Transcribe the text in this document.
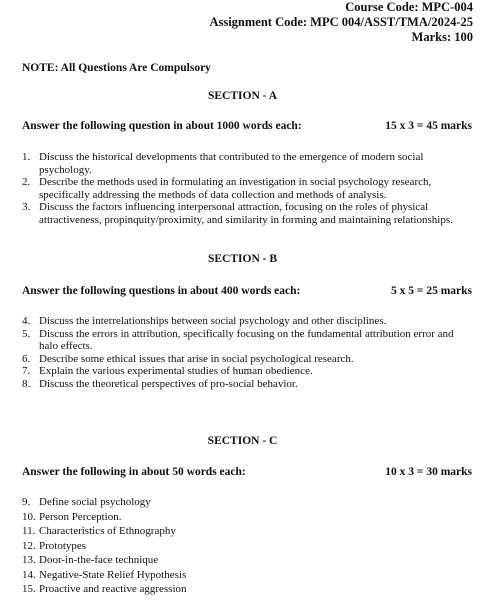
Course Code: MPC-004
Assignment Code: MPC 004/ASST/TMA/2024-25
Marks: 100
NOTE: All Questions Are Compulsory
SECTION - A
Answer the following question in about 1000 words each:	15 x 3 = 45 marks
1. Discuss the historical developments that contributed to the emergence of modern social psychology.
2. Describe the methods used in formulating an investigation in social psychology research, specifically addressing the methods of data collection and methods of analysis.
3. Discuss the factors influencing interpersonal attraction, focusing on the roles of physical attractiveness, propinquity/proximity, and similarity in forming and maintaining relationships.
SECTION - B
Answer the following questions in about 400 words each:	5 x 5 = 25 marks
4. Discuss the interrelationships between social psychology and other disciplines.
5. Discuss the errors in attribution, specifically focusing on the fundamental attribution error and halo effects.
6. Describe some ethical issues that arise in social psychological research.
7. Explain the various experimental studies of human obedience.
8. Discuss the theoretical perspectives of pro-social behavior.
SECTION - C
Answer the following in about 50 words each:	10 x 3 = 30 marks
9. Define social psychology
10. Person Perception.
11. Characteristics of Ethnography
12. Prototypes
13. Door-in-the-face technique
14. Negative-State Relief Hypothesis
15. Proactive and reactive aggression
